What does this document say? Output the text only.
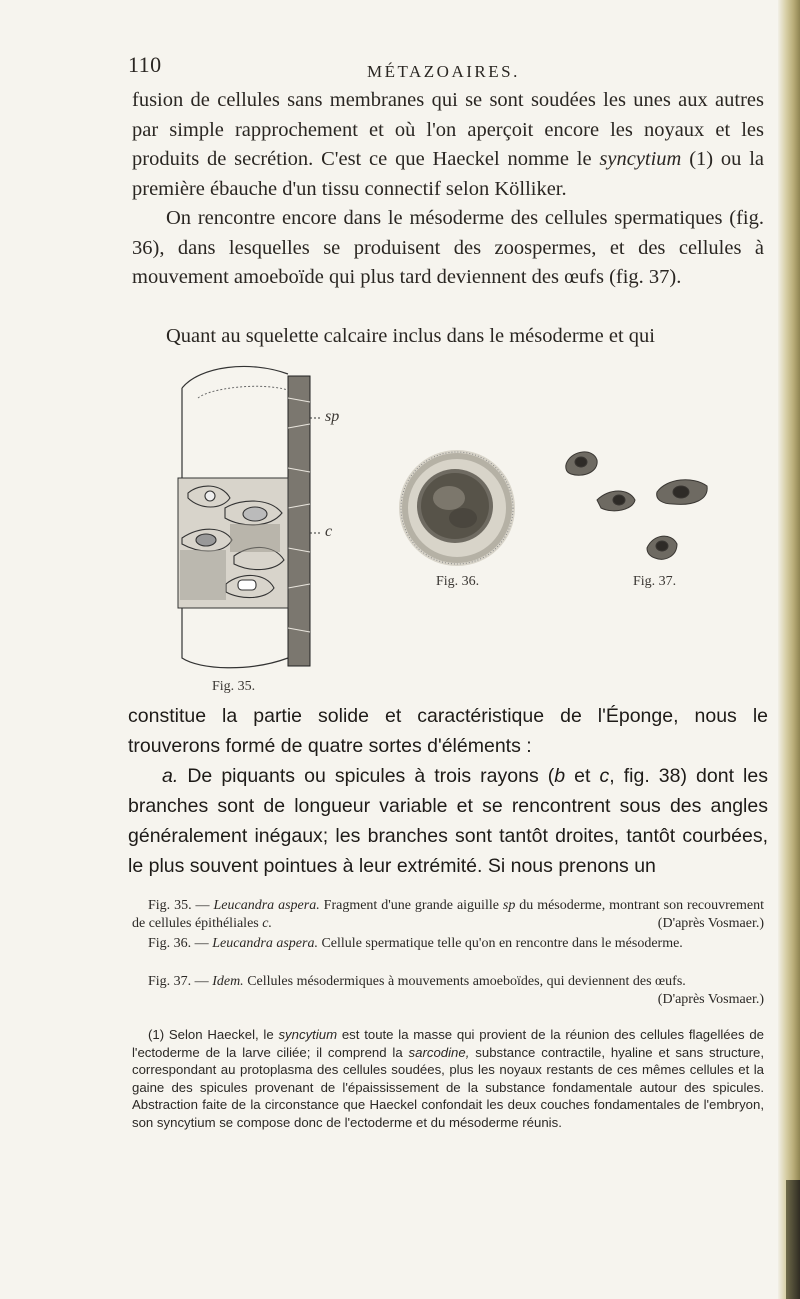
110	MÉTAZOAIRES.

fusion de cellules sans membranes qui se sont soudées les unes aux autres par simple rapprochement et où l'on aperçoit encore les noyaux et les produits de secrétion. C'est ce que Haeckel nomme le syncytium (1) ou la première ébauche d'un tissu connectif selon Kölliker.

On rencontre encore dans le mésoderme des cellules spermatiques (fig. 36), dans lesquelles se produisent des zoospermes, et des cellules à mouvement amoeboïde qui plus tard deviennent des œufs (fig. 37).

Quant au squelette calcaire inclus dans le mésoderme et qui

sp
c
Fig. 35.
Fig. 36.	Fig. 37.

constitue la partie solide et caractéristique de l'Éponge, nous le trouverons formé de quatre sortes d'éléments :

a. De piquants ou spicules à trois rayons (b et c, fig. 38) dont les branches sont de longueur variable et se rencontrent sous des angles généralement inégaux; les branches sont tantôt droites, tantôt courbées, le plus souvent pointues à leur extrémité. Si nous prenons un

Fig. 35. — Leucandra aspera. Fragment d'une grande aiguille sp du mésoderme, montrant son recouvrement de cellules épithéliales c.	(D'après Vosmaer.)

Fig. 36. — Leucandra aspera. Cellule spermatique telle qu'on en rencontre dans le mésoderme.

Fig. 37. — Idem. Cellules mésodermiques à mouvements amoeboïdes, qui deviennent des œufs.
(D'après Vosmaer.)

(1) Selon Haeckel, le syncytium est toute la masse qui provient de la réunion des cellules flagellées de l'ectoderme de la larve ciliée; il comprend la sarcodine, substance contractile, hyaline et sans structure, correspondant au protoplasma des cellules soudées, plus les noyaux restants de ces mêmes cellules et la gaine des spicules provenant de l'épaississement de la substance fondamentale autour des spicules. Abstraction faite de la circonstance que Haeckel confondait les deux couches fondamentales de l'embryon, son syncytium se compose donc de l'ectoderme et du mésoderme réunis.
